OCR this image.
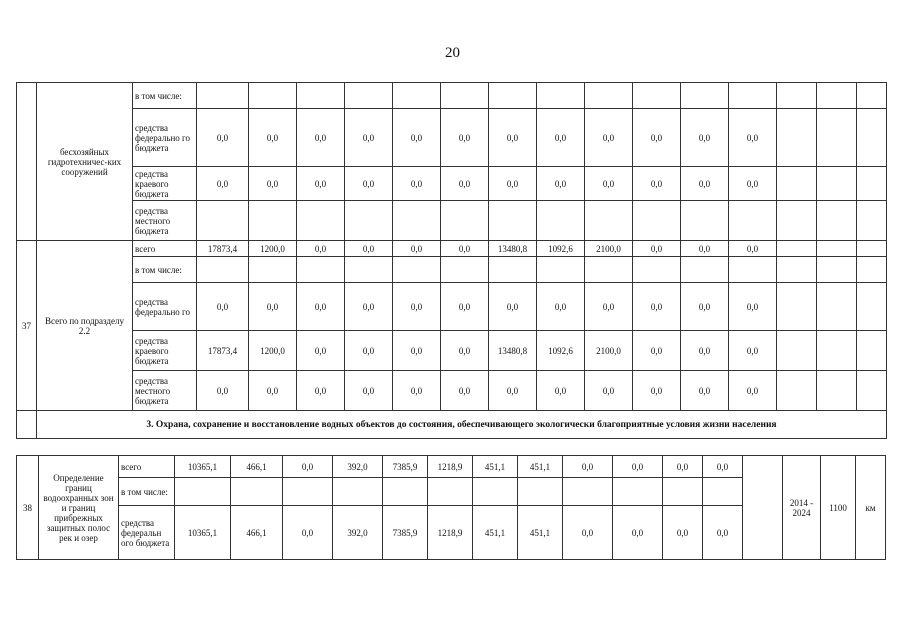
20
	бесхозяйных гидротехничес-ких сооружений	в том числе:															
		средства федерально го бюджета	0,0	0,0	0,0	0,0	0,0	0,0	0,0	0,0	0,0	0,0	0,0	0,0			
		средства краевого бюджета	0,0	0,0	0,0	0,0	0,0	0,0	0,0	0,0	0,0	0,0	0,0	0,0			
		средства местного бюджета															
37	Всего по подразделу 2.2	всего	17873,4	1200,0	0,0	0,0	0,0	0,0	13480,8	1092,6	2100,0	0,0	0,0	0,0			
		в том числе:															
		средства федерально го	0,0	0,0	0,0	0,0	0,0	0,0	0,0	0,0	0,0	0,0	0,0	0,0			
		средства краевого бюджета	17873,4	1200,0	0,0	0,0	0,0	0,0	13480,8	1092,6	2100,0	0,0	0,0	0,0			
		средства местного бюджета	0,0	0,0	0,0	0,0	0,0	0,0	0,0	0,0	0,0	0,0	0,0	0,0			
	3. Охрана, сохранение и восстановление водных объектов до состояния, обеспечивающего экологически благоприятные условия жизни населения																
38	Определение границ водоохранных зон и границ прибрежных защитных полос рек и озер	всего	10365,1	466,1	0,0	392,0	7385,9	1218,9	451,1	451,1	0,0	0,0	0,0	0,0		2014 - 2024	1100	км
		в том числе:																
		средства федеральн ого бюджета	10365,1	466,1	0,0	392,0	7385,9	1218,9	451,1	451,1	0,0	0,0	0,0	0,0				
